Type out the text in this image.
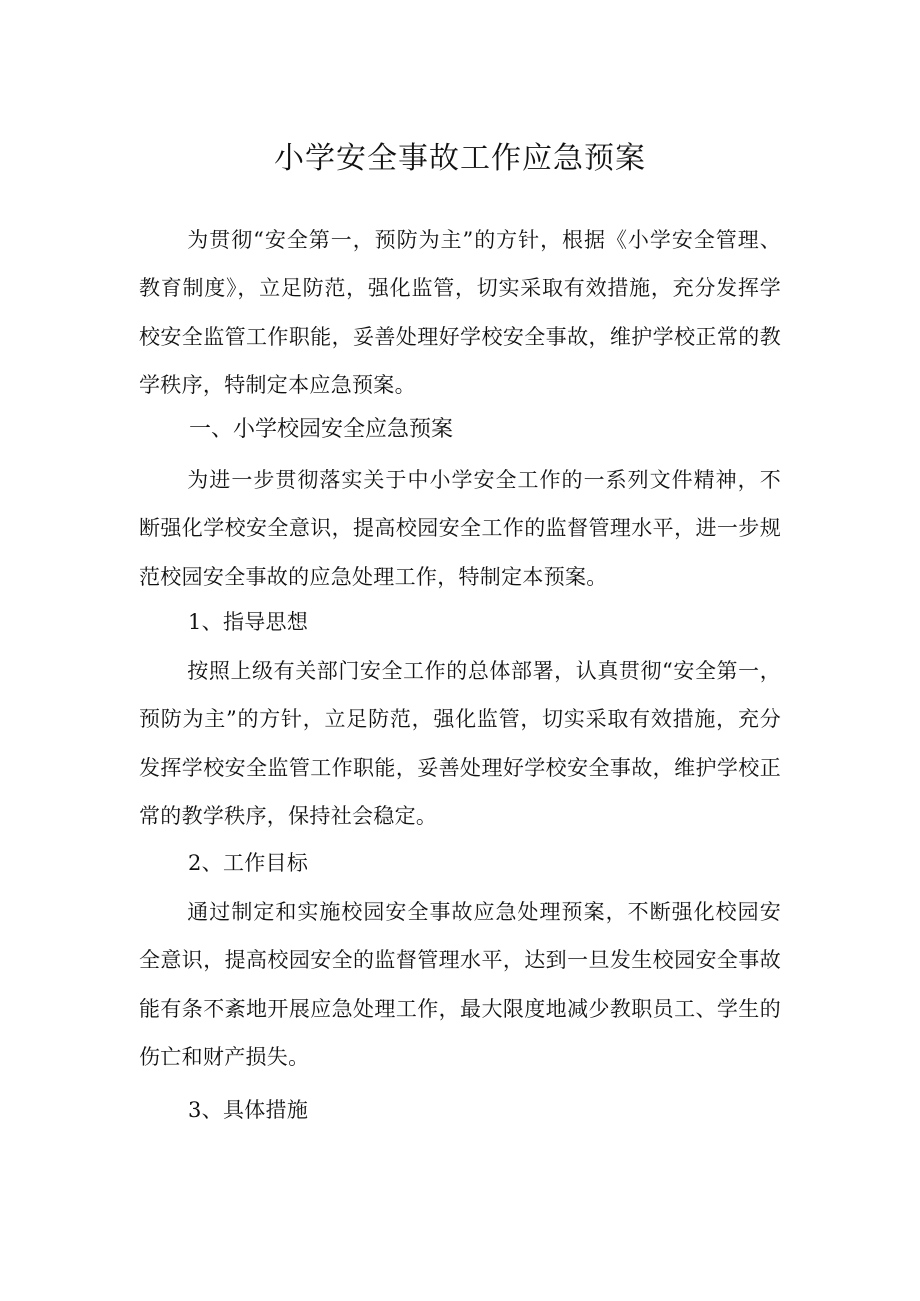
小学安全事故工作应急预案

为贯彻“安全第一，预防为主”的方针，根据《小学安全管理、教育制度》，立足防范，强化监管，切实采取有效措施，充分发挥学校安全监管工作职能，妥善处理好学校安全事故，维护学校正常的教学秩序，特制定本应急预案。

一、小学校园安全应急预案

为进一步贯彻落实关于中小学安全工作的一系列文件精神，不断强化学校安全意识，提高校园安全工作的监督管理水平，进一步规范校园安全事故的应急处理工作，特制定本预案。

1、指导思想

按照上级有关部门安全工作的总体部署，认真贯彻“安全第一，预防为主”的方针，立足防范，强化监管，切实采取有效措施，充分发挥学校安全监管工作职能，妥善处理好学校安全事故，维护学校正常的教学秩序，保持社会稳定。

2、工作目标

通过制定和实施校园安全事故应急处理预案，不断强化校园安全意识，提高校园安全的监督管理水平，达到一旦发生校园安全事故能有条不紊地开展应急处理工作，最大限度地减少教职员工、学生的伤亡和财产损失。

3、具体措施
